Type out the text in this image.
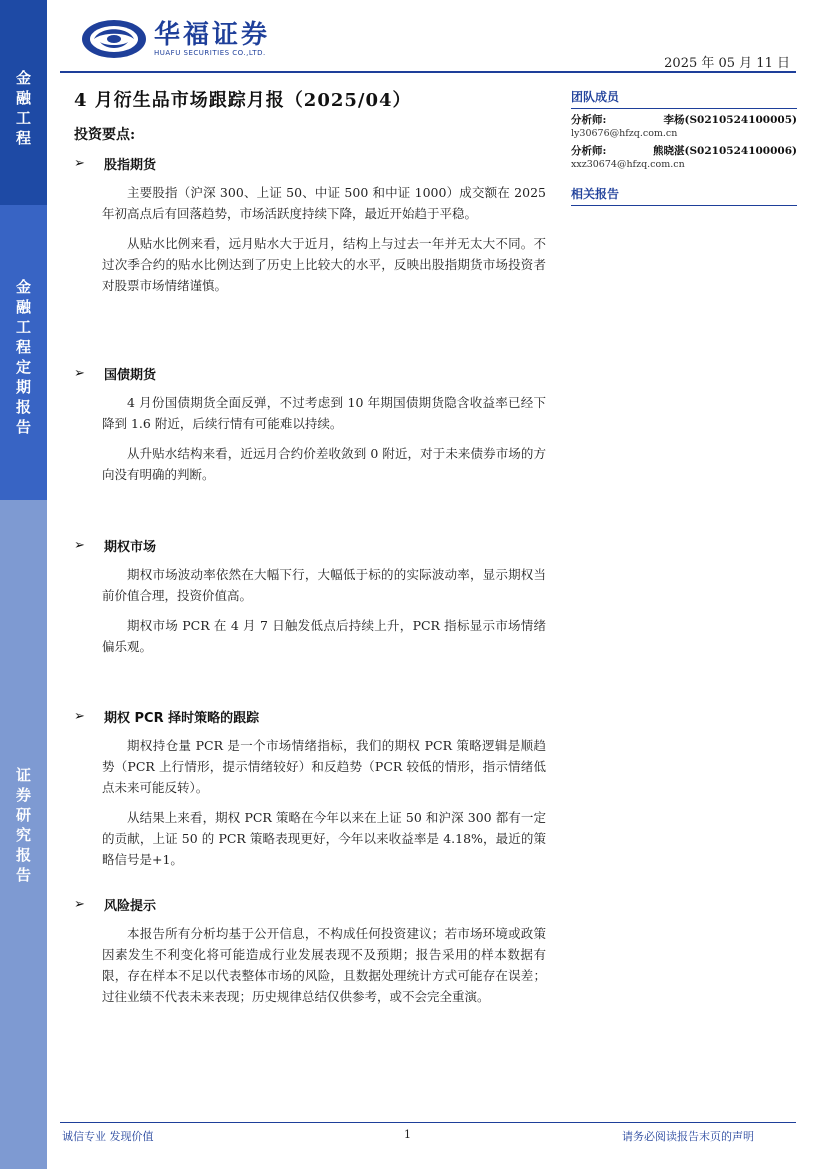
金
融
工
程
金
融
工
程
定
期
报
告
证
券
研
究
报
告
华福证券
HUAFU SECURITIES CO.,LTD.
2025 年 05 月 11 日
4 月衍生品市场跟踪月报（2025/04）
投资要点:
➢	股指期货

主要股指（沪深 300、上证 50、中证 500 和中证 1000）成交额在 2025 年初高点后有回落趋势，市场活跃度持续下降，最近开始趋于平稳。

从贴水比例来看，远月贴水大于近月，结构上与过去一年并无太大不同。不过次季合约的贴水比例达到了历史上比较大的水平，反映出股指期货市场投资者对股票市场情绪谨慎。

➢	国债期货

4 月份国债期货全面反弹，不过考虑到 10 年期国债期货隐含收益率已经下降到 1.6 附近，后续行情有可能难以持续。

从升贴水结构来看，近远月合约价差收敛到 0 附近，对于未来债券市场的方向没有明确的判断。

➢	期权市场

期权市场波动率依然在大幅下行，大幅低于标的的实际波动率，显示期权当前价值合理，投资价值高。

期权市场 PCR 在 4 月 7 日触发低点后持续上升，PCR 指标显示市场情绪偏乐观。

➢	期权 PCR 择时策略的跟踪

期权持仓量 PCR 是一个市场情绪指标，我们的期权 PCR 策略逻辑是顺趋势（PCR 上行情形，提示情绪较好）和反趋势（PCR 较低的情形，指示情绪低点未来可能反转）。

从结果上来看，期权 PCR 策略在今年以来在上证 50 和沪深 300 都有一定的贡献，上证 50 的 PCR 策略表现更好，今年以来收益率是 4.18%，最近的策略信号是+1。

➢	风险提示

本报告所有分析均基于公开信息，不构成任何投资建议；若市场环境或政策因素发生不利变化将可能造成行业发展表现不及预期；报告采用的样本数据有限，存在样本不足以代表整体市场的风险，且数据处理统计方式可能存在误差；过往业绩不代表未来表现；历史规律总结仅供参考，或不会完全重演。

团队成员
分析师:	李杨(S0210524100005)
ly30676@hfzq.com.cn
分析师:	熊晓湛(S0210524100006)
xxz30674@hfzq.com.cn
相关报告
诚信专业 发现价值	1	请务必阅读报告末页的声明
